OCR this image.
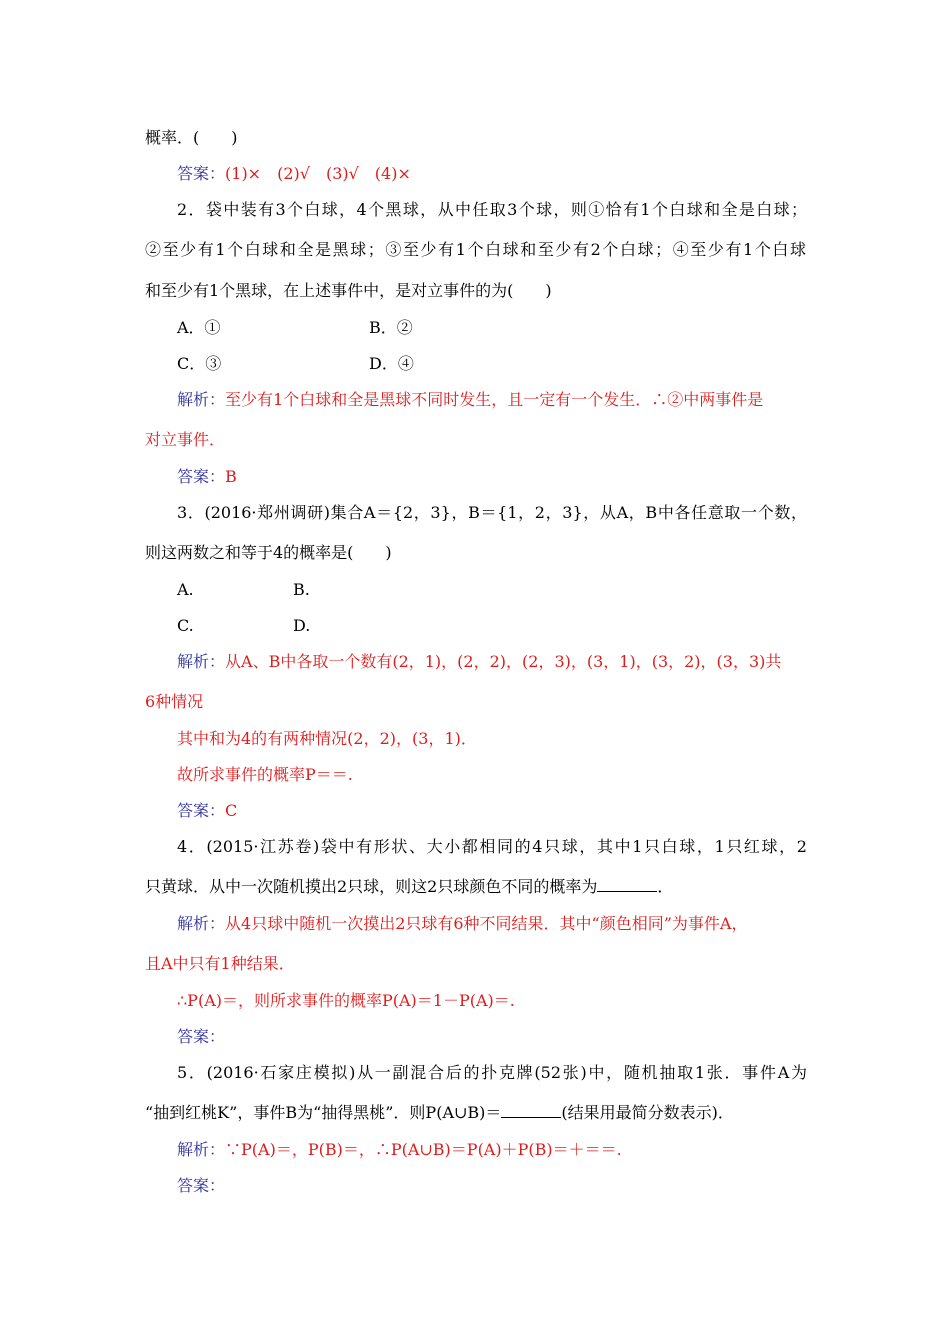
概率．(　　)
答案：(1)×　(2)√　(3)√　(4)×
2．袋中装有3个白球，4个黑球，从中任取3个球，则①恰有1个白球和全是白球；
②至少有1个白球和全是黑球；③至少有1个白球和至少有2个白球；④至少有1个白球
和至少有1个黑球，在上述事件中，是对立事件的为(　　)
A．①	B．②
C．③	D．④
解析：至少有1个白球和全是黑球不同时发生，且一定有一个发生．∴②中两事件是
对立事件．
答案：B
3．(2016·郑州调研)集合A＝{2，3}，B＝{1，2，3}，从A，B中各任意取一个数，
则这两数之和等于4的概率是(　　)
A.	B.
C.	D.
解析：从A、B中各取一个数有(2，1)，(2，2)，(2，3)，(3，1)，(3，2)，(3，3)共
6种情况
其中和为4的有两种情况(2，2)，(3，1)．
故所求事件的概率P＝＝.
答案：C
4．(2015·江苏卷)袋中有形状、大小都相同的4只球，其中1只白球，1只红球，2
只黄球．从中一次随机摸出2只球，则这2只球颜色不同的概率为	．
解析：从4只球中随机一次摸出2只球有6种不同结果．其中“颜色相同”为事件A，
且A中只有1种结果．
∴P(A)＝，则所求事件的概率P(A)＝1－P(A)＝.
答案：
5．(2016·石家庄模拟)从一副混合后的扑克牌(52张)中，随机抽取1张．事件A为
“抽到红桃K”，事件B为“抽得黑桃”．则P(A∪B)＝	(结果用最简分数表示)．
解析：∵P(A)＝，P(B)＝，∴P(A∪B)＝P(A)＋P(B)＝＋＝＝.
答案：
